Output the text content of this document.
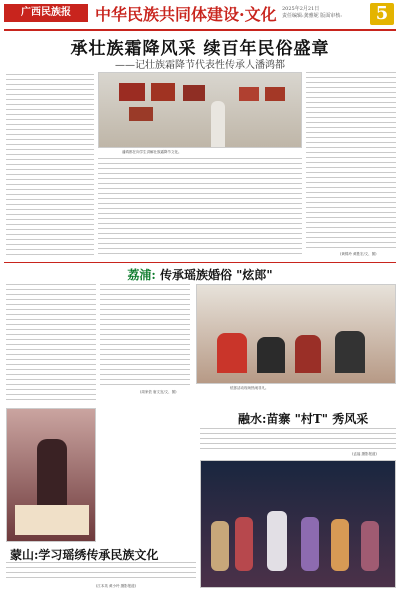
广西民族报	中华民族共同体建设·文化 2025年2月21日
责任编辑:龚雅妮 版面审核:	5
承壮族霜降风采 续百年民俗盛章
——记壮族霜降节代表性传承人潘鸿都
潘鸿都在向学生讲解壮族霜降节文化。
(黄锦玲 黄胜宏/文、图)
荔浦: 传承瑶族婚俗 "炫郎"
(周家依 唐文宜/文、图)
炫郎活动现场热闹非凡。
融水:苗寨 "村T" 秀风采
(孟福 摄影报道)
蒙山:学习瑶绣传承民族文化
(江本英 黄小玲 摄影报道)
